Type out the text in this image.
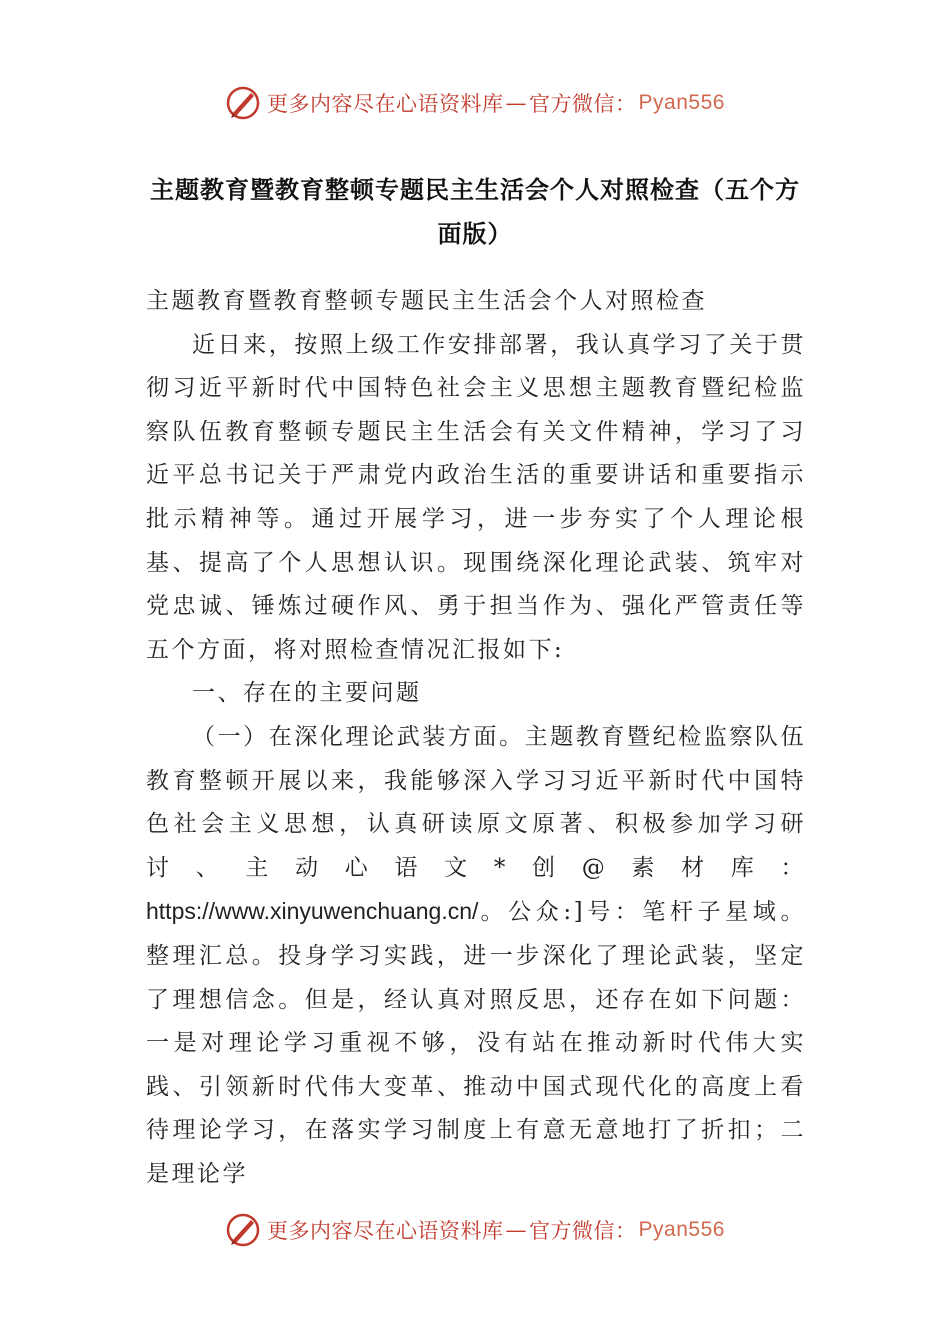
更多内容尽在心语资料库 — 官方微信： Pyan556
主题教育暨教育整顿专题民主生活会个人对照检查（五个方面版）

主题教育暨教育整顿专题民主生活会个人对照检查

近日来，按照上级工作安排部署，我认真学习了关于贯彻习近平新时代中国特色社会主义思想主题教育暨纪检监察队伍教育整顿专题民主生活会有关文件精神，学习了习近平总书记关于严肃党内政治生活的重要讲话和重要指示批示精神等。通过开展学习，进一步夯实了个人理论根基、提高了个人思想认识。现围绕深化理论武装、筑牢对党忠诚、锤炼过硬作风、勇于担当作为、强化严管责任等五个方面，将对照检查情况汇报如下:

一、存在的主要问题

（一）在深化理论武装方面。主题教育暨纪检监察队伍教育整顿开展以来，我能够深入学习习近平新时代中国特色社会主义思想，认真研读原文原著、积极参加学习研讨、主动心语文*创@素材库：https://www.xinyuwenchuang.cn/。公众:]号：笔杆子星域。整理汇总。投身学习实践，进一步深化了理论武装，坚定了理想信念。但是，经认真对照反思，还存在如下问题：一是对理论学习重视不够，没有站在推动新时代伟大实践、引领新时代伟大变革、推动中国式现代化的高度上看待理论学习，在落实学习制度上有意无意地打了折扣；二是理论学

更多内容尽在心语资料库 — 官方微信： Pyan556
